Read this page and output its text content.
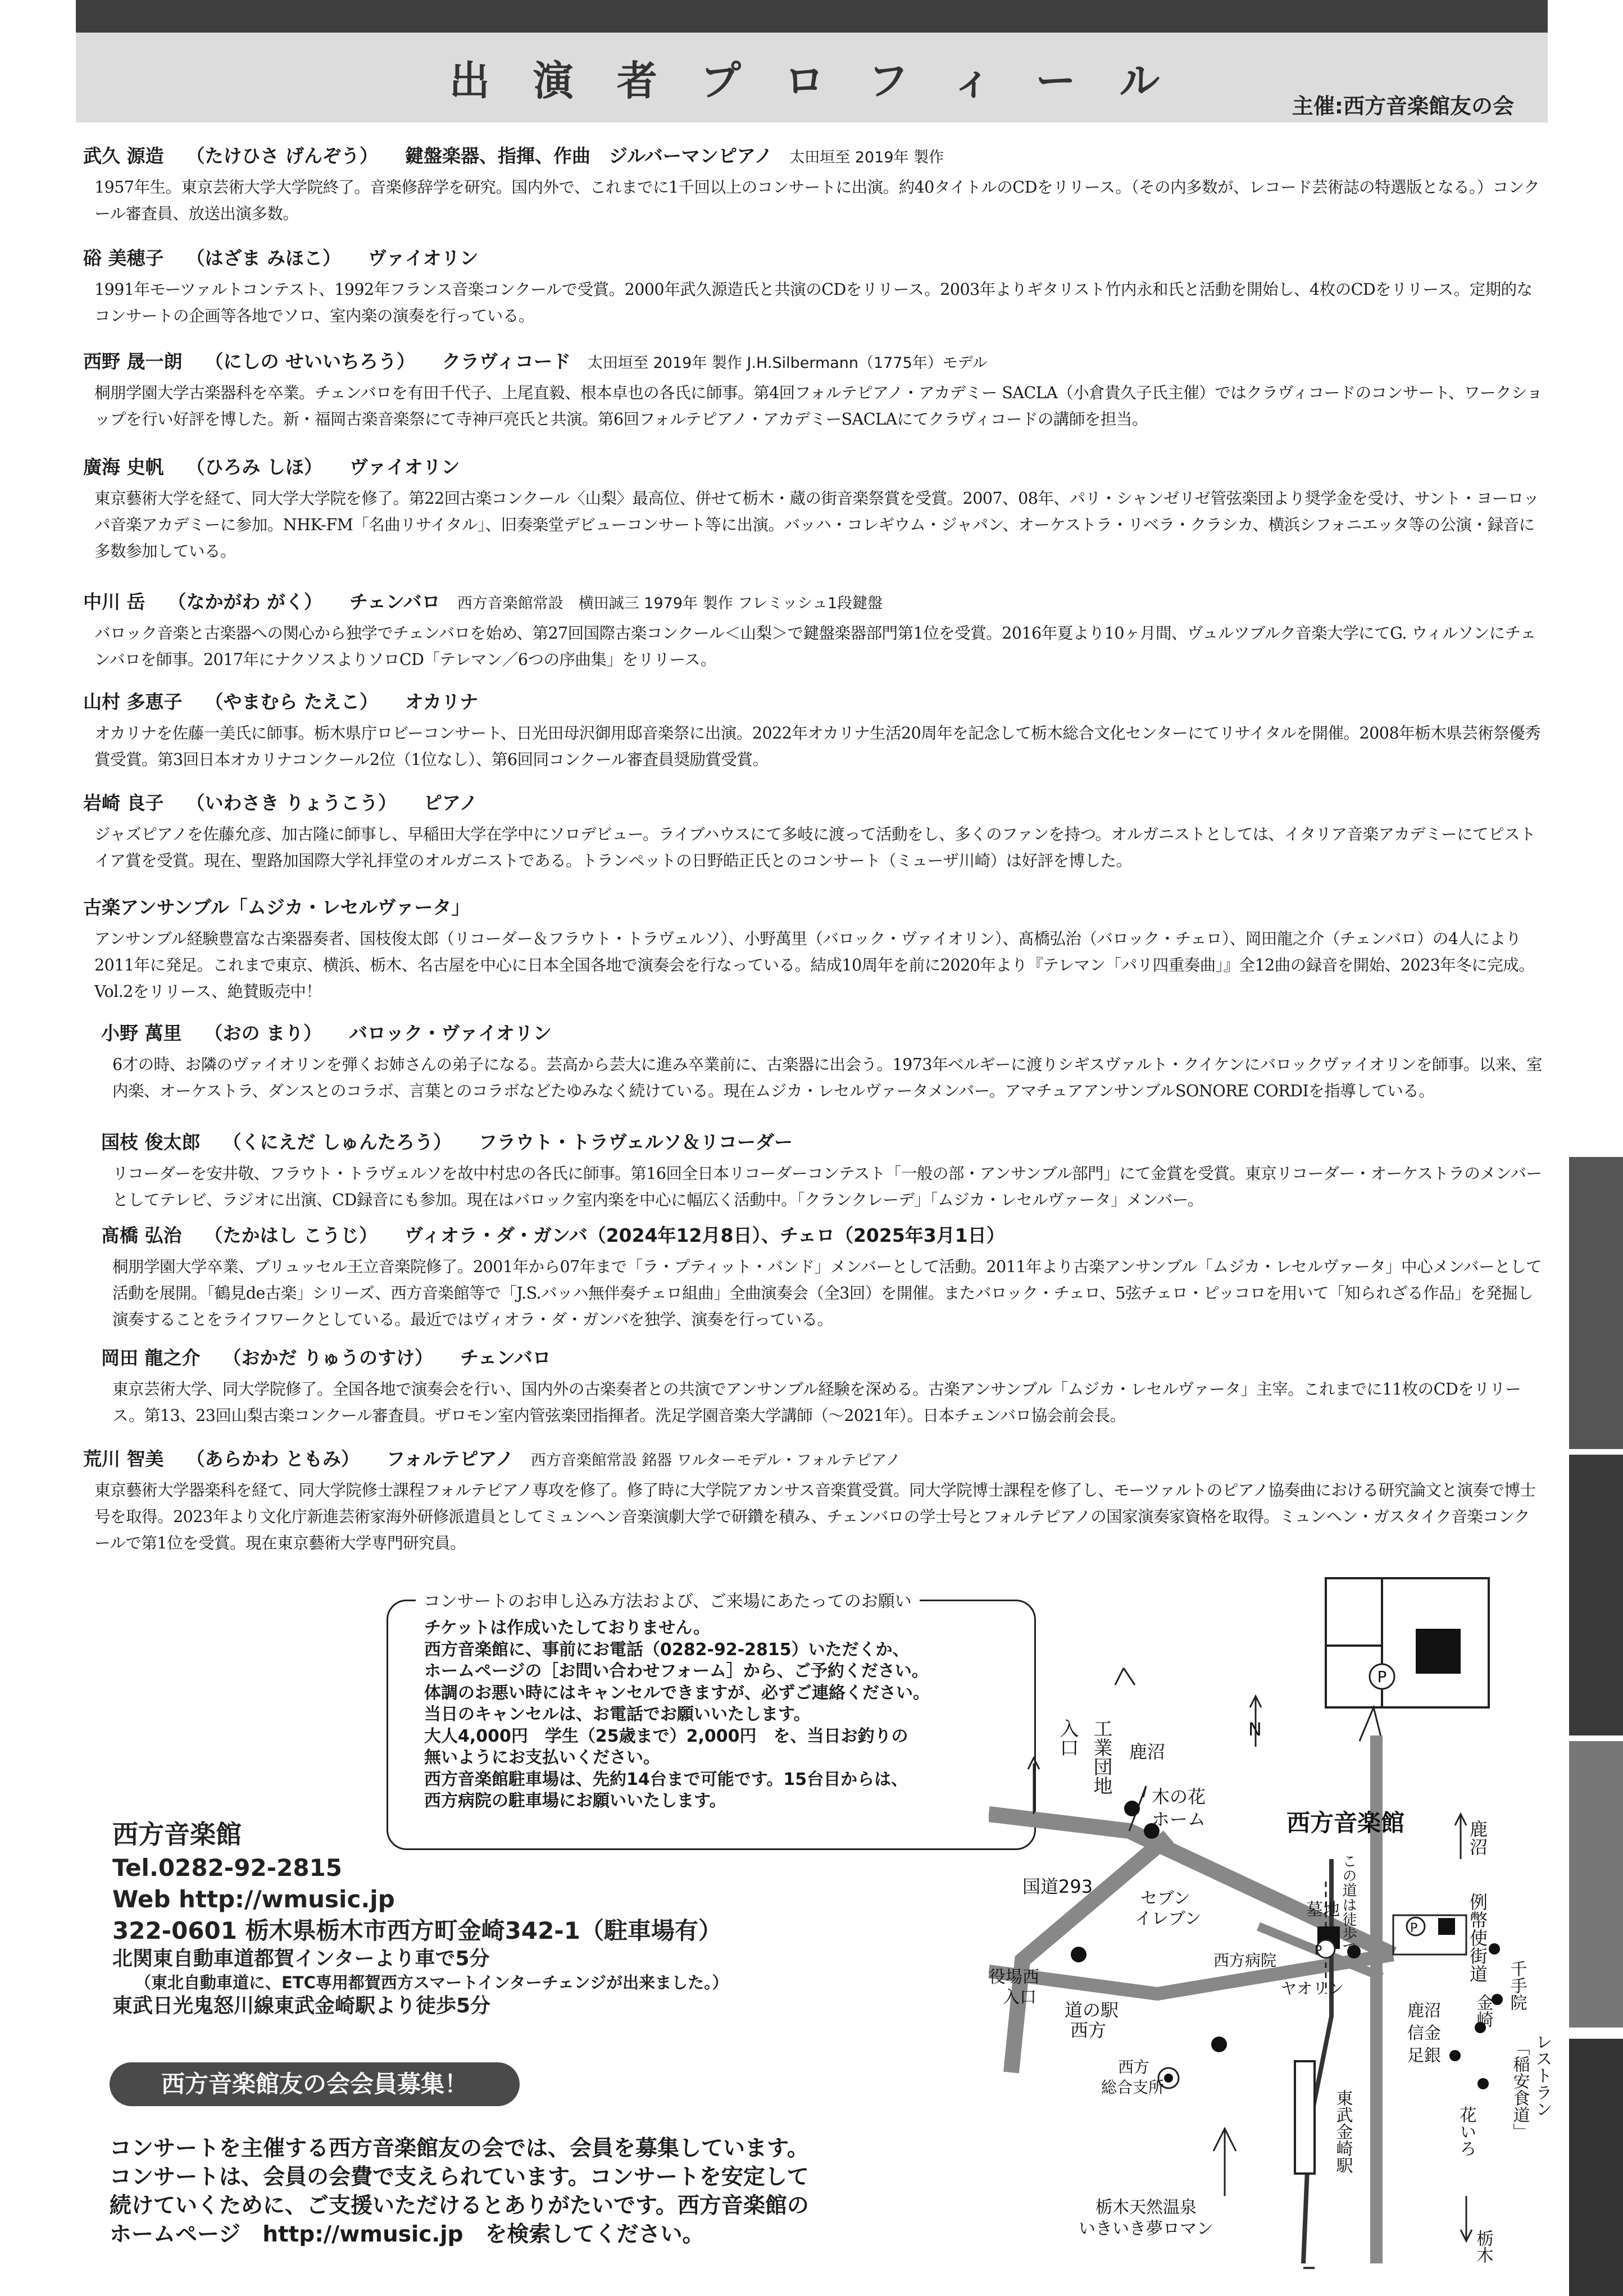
出 演 者 プ ロ フ ィ ー ル
主催:西方音楽館友の会
武久 源造 （たけひさ げんぞう） 鍵盤楽器、指揮、作曲　ジルバーマンピアノ 太田垣至 2019年 製作
1957年生。東京芸術大学大学院終了。音楽修辞学を研究。国内外で、これまでに1千回以上のコンサートに出演。約40タイトルのCDをリリース。（その内多数が、レコード芸術誌の特選版となる。）コンクール審査員、放送出演多数。
硲 美穂子 （はざま みほこ） ヴァイオリン
1991年モーツァルトコンテスト、1992年フランス音楽コンクールで受賞。2000年武久源造氏と共演のCDをリリース。2003年よりギタリスト竹内永和氏と活動を開始し、4枚のCDをリリース。定期的なコンサートの企画等各地でソロ、室内楽の演奏を行っている。
西野 晟一朗 （にしの せいいちろう） クラヴィコード 太田垣至 2019年 製作 J.H.Silbermann（1775年）モデル
桐朋学園大学古楽器科を卒業。チェンバロを有田千代子、上尾直毅、根本卓也の各氏に師事。第4回フォルテピアノ・アカデミー SACLA（小倉貴久子氏主催）ではクラヴィコードのコンサート、ワークショップを行い好評を博した。新・福岡古楽音楽祭にて寺神戸亮氏と共演。第6回フォルテピアノ・アカデミーSACLAにてクラヴィコードの講師を担当。
廣海 史帆 （ひろみ しほ） ヴァイオリン
東京藝術大学を経て、同大学大学院を修了。第22回古楽コンクール〈山梨〉最高位、併せて栃木・蔵の街音楽祭賞を受賞。2007、08年、パリ・シャンゼリゼ管弦楽団より奨学金を受け、サント・ヨーロッパ音楽アカデミーに参加。NHK-FM「名曲リサイタル」、旧奏楽堂デビューコンサート等に出演。バッハ・コレギウム・ジャパン、オーケストラ・リベラ・クラシカ、横浜シフォニエッタ等の公演・録音に多数参加している。
中川 岳 （なかがわ がく） チェンバロ 西方音楽館常設　横田誠三 1979年 製作 フレミッシュ1段鍵盤
バロック音楽と古楽器への関心から独学でチェンバロを始め、第27回国際古楽コンクール＜山梨＞で鍵盤楽器部門第1位を受賞。2016年夏より10ヶ月間、ヴュルツブルク音楽大学にてG. ウィルソンにチェンバロを師事。2017年にナクソスよりソロCD「テレマン／6つの序曲集」をリリース。
山村 多恵子 （やまむら たえこ） オカリナ
オカリナを佐藤一美氏に師事。栃木県庁ロビーコンサート、日光田母沢御用邸音楽祭に出演。2022年オカリナ生活20周年を記念して栃木総合文化センターにてリサイタルを開催。2008年栃木県芸術祭優秀賞受賞。第3回日本オカリナコンクール2位（1位なし）、第6回同コンクール審査員奨励賞受賞。
岩崎 良子 （いわさき りょうこう） ピアノ
ジャズピアノを佐藤允彦、加古隆に師事し、早稲田大学在学中にソロデビュー。ライブハウスにて多岐に渡って活動をし、多くのファンを持つ。オルガニストとしては、イタリア音楽アカデミーにてピストイア賞を受賞。現在、聖路加国際大学礼拝堂のオルガニストである。トランペットの日野皓正氏とのコンサート（ミューザ川崎）は好評を博した。
古楽アンサンブル「ムジカ・レセルヴァータ」
アンサンブル経験豊富な古楽器奏者、国枝俊太郎（リコーダー＆フラウト・トラヴェルソ）、小野萬里（バロック・ヴァイオリン）、髙橋弘治（バロック・チェロ）、岡田龍之介（チェンバロ）の4人により2011年に発足。これまで東京、横浜、栃木、名古屋を中心に日本全国各地で演奏会を行なっている。結成10周年を前に2020年より『テレマン「パリ四重奏曲」』全12曲の録音を開始、2023年冬に完成。Vol.2をリリース、絶賛販売中！
小野 萬里 （おの まり） バロック・ヴァイオリン
6才の時、お隣のヴァイオリンを弾くお姉さんの弟子になる。芸高から芸大に進み卒業前に、古楽器に出会う。1973年ベルギーに渡りシギスヴァルト・クイケンにバロックヴァイオリンを師事。以来、室内楽、オーケストラ、ダンスとのコラボ、言葉とのコラボなどたゆみなく続けている。現在ムジカ・レセルヴァータメンバー。アマチュアアンサンブルSONORE CORDIを指導している。
国枝 俊太郎 （くにえだ しゅんたろう） フラウト・トラヴェルソ＆リコーダー
リコーダーを安井敬、フラウト・トラヴェルソを故中村忠の各氏に師事。第16回全日本リコーダーコンテスト「一般の部・アンサンブル部門」にて金賞を受賞。東京リコーダー・オーケストラのメンバーとしてテレビ、ラジオに出演、CD録音にも参加。現在はバロック室内楽を中心に幅広く活動中。「クランクレーデ」「ムジカ・レセルヴァータ」メンバー。
髙橋 弘治 （たかはし こうじ） ヴィオラ・ダ・ガンバ（2024年12月8日）、チェロ（2025年3月1日）
桐朋学園大学卒業、ブリュッセル王立音楽院修了。2001年から07年まで「ラ・プティット・バンド」メンバーとして活動。2011年より古楽アンサンブル「ムジカ・レセルヴァータ」中心メンバーとして活動を展開。「鶴見de古楽」シリーズ、西方音楽館等で「J.S.バッハ無伴奏チェロ組曲」全曲演奏会（全3回）を開催。またバロック・チェロ、5弦チェロ・ピッコロを用いて「知られざる作品」を発掘し演奏することをライフワークとしている。最近ではヴィオラ・ダ・ガンバを独学、演奏を行っている。
岡田 龍之介 （おかだ りゅうのすけ） チェンバロ
東京芸術大学、同大学院修了。全国各地で演奏会を行い、国内外の古楽奏者との共演でアンサンブル経験を深める。古楽アンサンブル「ムジカ・レセルヴァータ」主宰。これまでに11枚のCDをリリース。第13、23回山梨古楽コンクール審査員。ザロモン室内管弦楽団指揮者。洗足学園音楽大学講師（〜2021年）。日本チェンバロ協会前会長。
荒川 智美 （あらかわ ともみ） フォルテピアノ 西方音楽館常設 銘器 ワルターモデル・フォルテピアノ
東京藝術大学器楽科を経て、同大学院修士課程フォルテピアノ専攻を修了。修了時に大学院アカンサス音楽賞受賞。同大学院博士課程を修了し、モーツァルトのピアノ協奏曲における研究論文と演奏で博士号を取得。2023年より文化庁新進芸術家海外研修派遣員としてミュンヘン音楽演劇大学で研鑽を積み、チェンバロの学士号とフォルテピアノの国家演奏家資格を取得。ミュンヘン・ガスタイク音楽コンクールで第1位を受賞。現在東京藝術大学専門研究員。
コンサートのお申し込み方法および、ご来場にあたってのお願い
チケットは作成いたしておりません。
西方音楽館に、事前にお電話（0282-92-2815）いただくか、
ホームページの［お問い合わせフォーム］から、ご予約ください。
体調のお悪い時にはキャンセルできますが、必ずご連絡ください。
当日のキャンセルは、お電話でお願いいたします。
大人4,000円　学生（25歳まで）2,000円　を、当日お釣りの
無いようにお支払いください。
西方音楽館駐車場は、先約14台まで可能です。15台目からは、
西方病院の駐車場にお願いいたします。
西方音楽館
Tel.0282-92-2815
Web http://wmusic.jp
322-0601 栃木県栃木市西方町金崎342-1（駐車場有）
北関東自動車道都賀インターより車で5分
（東北自動車道に、ETC専用都賀西方スマートインターチェンジが出来ました。）
東武日光鬼怒川線東武金崎駅より徒歩5分
西方音楽館友の会会員募集！
コンサートを主催する西方音楽館友の会では、会員を募集しています。
コンサートは、会員の会費で支えられています。コンサートを安定して
続けていくために、ご支援いただけるとありがたいです。西方音楽館の
ホームページ　http://wmusic.jp　を検索してください。
P
工業団地
入口	鹿沼
N
木の花
ホーム
セブン
イレブン
国道293
役場西
入口
道の駅
西方
西方
総合支所
栃木天然温泉
いきいき夢ロマン
西方音楽館
この道は徒歩で
墓地
西方病院
ヤオリン
P
P
鹿沼
例幣使街道
千手院
金崎
レストラン
「稲安食道」
鹿沼
信金
足銀
花いろ
東武金崎駅
栃木
